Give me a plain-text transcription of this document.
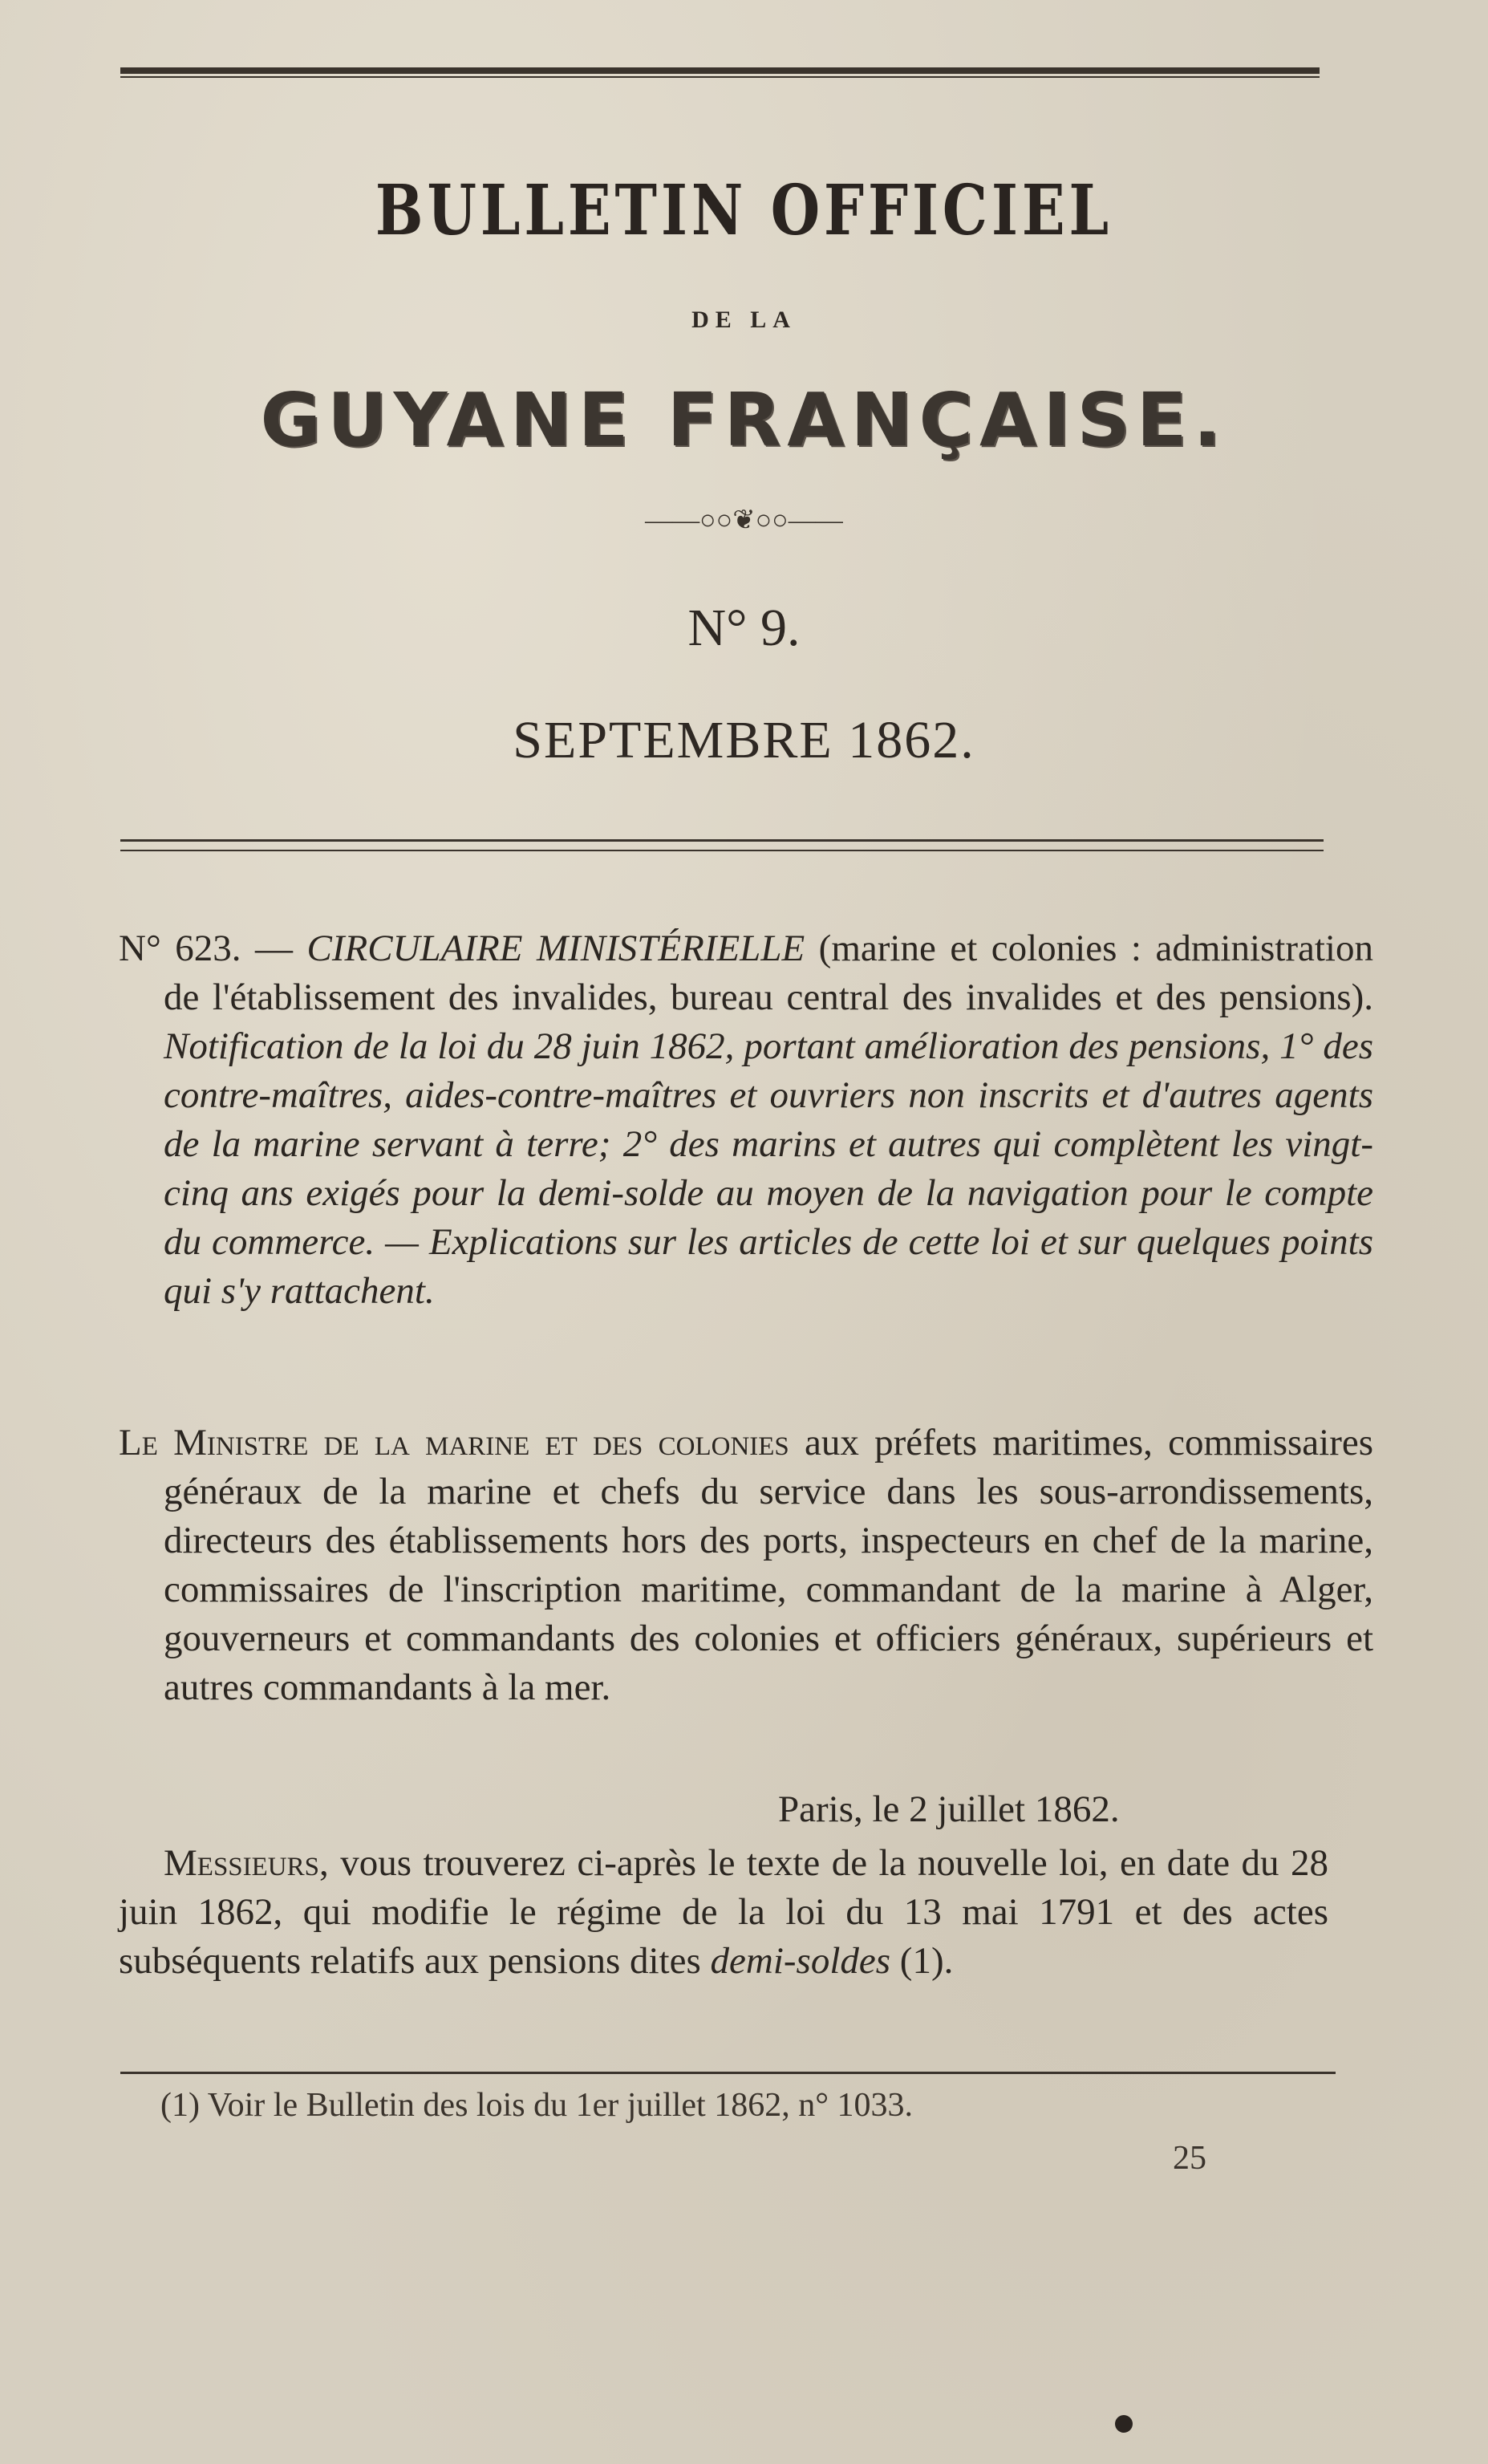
BULLETIN OFFICIEL
DE LA
GUYANE FRANÇAISE.
——○○❦○○——
N° 9.
SEPTEMBRE 1862.
N° 623. — CIRCULAIRE MINISTÉRIELLE (marine et colonies : administration de l'établissement des invalides, bureau central des invalides et des pensions). Notification de la loi du 28 juin 1862, portant amélioration des pensions, 1° des contre-maîtres, aides-contre-maîtres et ouvriers non inscrits et d'autres agents de la marine servant à terre; 2° des marins et autres qui complètent les vingt-cinq ans exigés pour la demi-solde au moyen de la navigation pour le compte du commerce. — Explications sur les articles de cette loi et sur quelques points qui s'y rattachent.
Le Ministre de la marine et des colonies aux préfets maritimes, commissaires généraux de la marine et chefs du service dans les sous-arrondissements, directeurs des établissements hors des ports, inspecteurs en chef de la marine, commissaires de l'inscription maritime, commandant de la marine à Alger, gouverneurs et commandants des colonies et officiers généraux, supérieurs et autres commandants à la mer.
Paris, le 2 juillet 1862.
Messieurs, vous trouverez ci-après le texte de la nouvelle loi, en date du 28 juin 1862, qui modifie le régime de la loi du 13 mai 1791 et des actes subséquents relatifs aux pensions dites demi-soldes (1).
(1) Voir le Bulletin des lois du 1er juillet 1862, n° 1033.
25
